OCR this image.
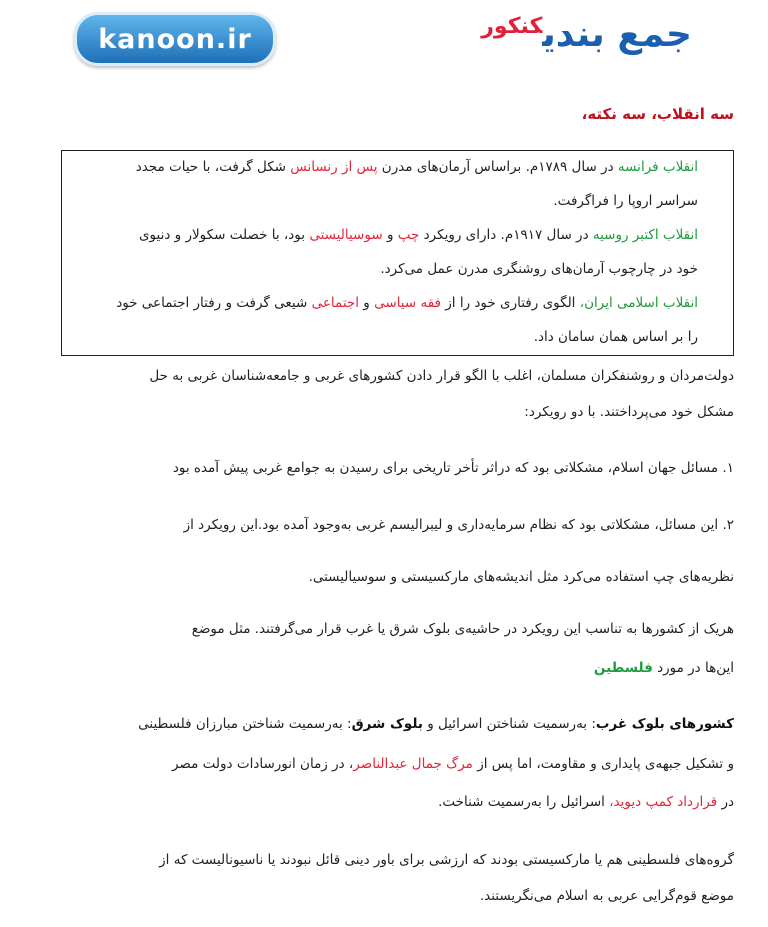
kanoon.ir	جمع بندیکنکور
سه انقلاب، سه نکته،
انقلاب فرانسه در سال ۱۷۸۹م. براساس آرمان‌های مدرن پس از رنسانس شکل گرفت، با حیات مجدد
سراسر اروپا را فراگرفت.
انقلاب اکتبر روسیه در سال ۱۹۱۷م. دارای رویکرد چپ و سوسیالیستی بود، با خصلت سکولار و دنیوی
خود در چارچوب آرمان‌های روشنگری مدرن عمل می‌کرد.
انقلاب اسلامی ایران، الگوی رفتاری خود را از فقه سیاسی و اجتماعی شیعی گرفت و رفتار اجتماعی خود
را بر اساس همان سامان داد.
دولت‌مردان و روشنفکران مسلمان، اغلب با الگو قرار دادن کشورهای غربی و جامعه‌شناسان غربی به حل
مشکل خود می‌پرداختند. با دو رویکرد:
۱. مسائل جهان اسلام، مشکلاتی بود که دراثر تأخر تاریخی برای رسیدن به جوامع غربی پیش آمده بود
۲. این مسائل، مشکلاتی بود که نظام سرمایه‌داری و لیبرالیسم غربی به‌وجود آمده بود.این رویکرد از
نظریه‌های چپ استفاده می‌کرد مثل اندیشه‌های مارکسیستی و سوسیالیستی.
هریک از کشورها به تناسب این رویکرد در حاشیه‌ی بلوک شرق یا غرب قرار می‌گرفتند. مثل موضع
این‌ها در مورد فلسطین
کشورهای بلوک غرب: به‌رسمیت شناختن اسرائیل و بلوک شرق: به‌رسمیت شناختن مبارزان فلسطینی
و تشکیل جبهه‌ی پایداری و مقاومت، اما پس از مرگ جمال عبدالناصر، در زمان انورسادات دولت مصر
در قرارداد کمپ دیوید، اسرائیل را به‌رسمیت شناخت.
گروه‌های فلسطینی هم یا مارکسیستی بودند که ارزشی برای باور دینی قائل نبودند یا ناسیونالیست که از
موضع قوم‌گرایی عربی به اسلام می‌نگریستند.
